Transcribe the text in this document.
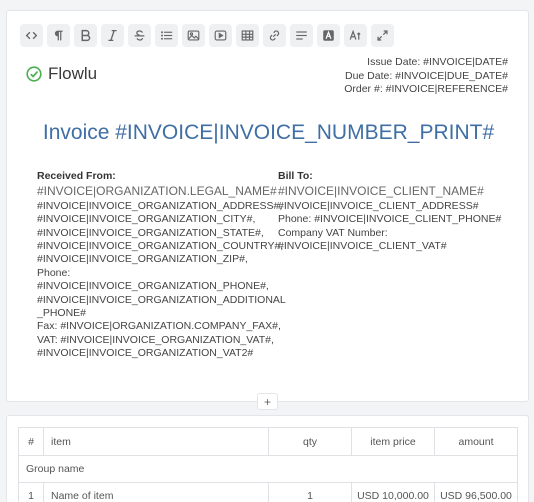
Flowlu
Issue Date: #INVOICE|DATE#
Due Date: #INVOICE|DUE_DATE#
Order #: #INVOICE|REFERENCE#
Invoice #INVOICE|INVOICE_NUMBER_PRINT#
Received From:
#INVOICE|ORGANIZATION.LEGAL_NAME#
#INVOICE|INVOICE_ORGANIZATION_ADDRESS#,
#INVOICE|INVOICE_ORGANIZATION_CITY#,
#INVOICE|INVOICE_ORGANIZATION_STATE#,
#INVOICE|INVOICE_ORGANIZATION_COUNTRY#,
#INVOICE|INVOICE_ORGANIZATION_ZIP#,
Phone:
#INVOICE|INVOICE_ORGANIZATION_PHONE#,
#INVOICE|INVOICE_ORGANIZATION_ADDITIONAL
_PHONE#
Fax: #INVOICE|ORGANIZATION.COMPANY_FAX#,
VAT: #INVOICE|INVOICE_ORGANIZATION_VAT#,
#INVOICE|INVOICE_ORGANIZATION_VAT2#
Bill To:
#INVOICE|INVOICE_CLIENT_NAME#
#INVOICE|INVOICE_CLIENT_ADDRESS#
Phone: #INVOICE|INVOICE_CLIENT_PHONE#
Company VAT Number:
#INVOICE|INVOICE_CLIENT_VAT#
+
#	item	qty	item price	amount
Group name
1	Name of item	1	USD 10,000.00	USD 96,500.00
